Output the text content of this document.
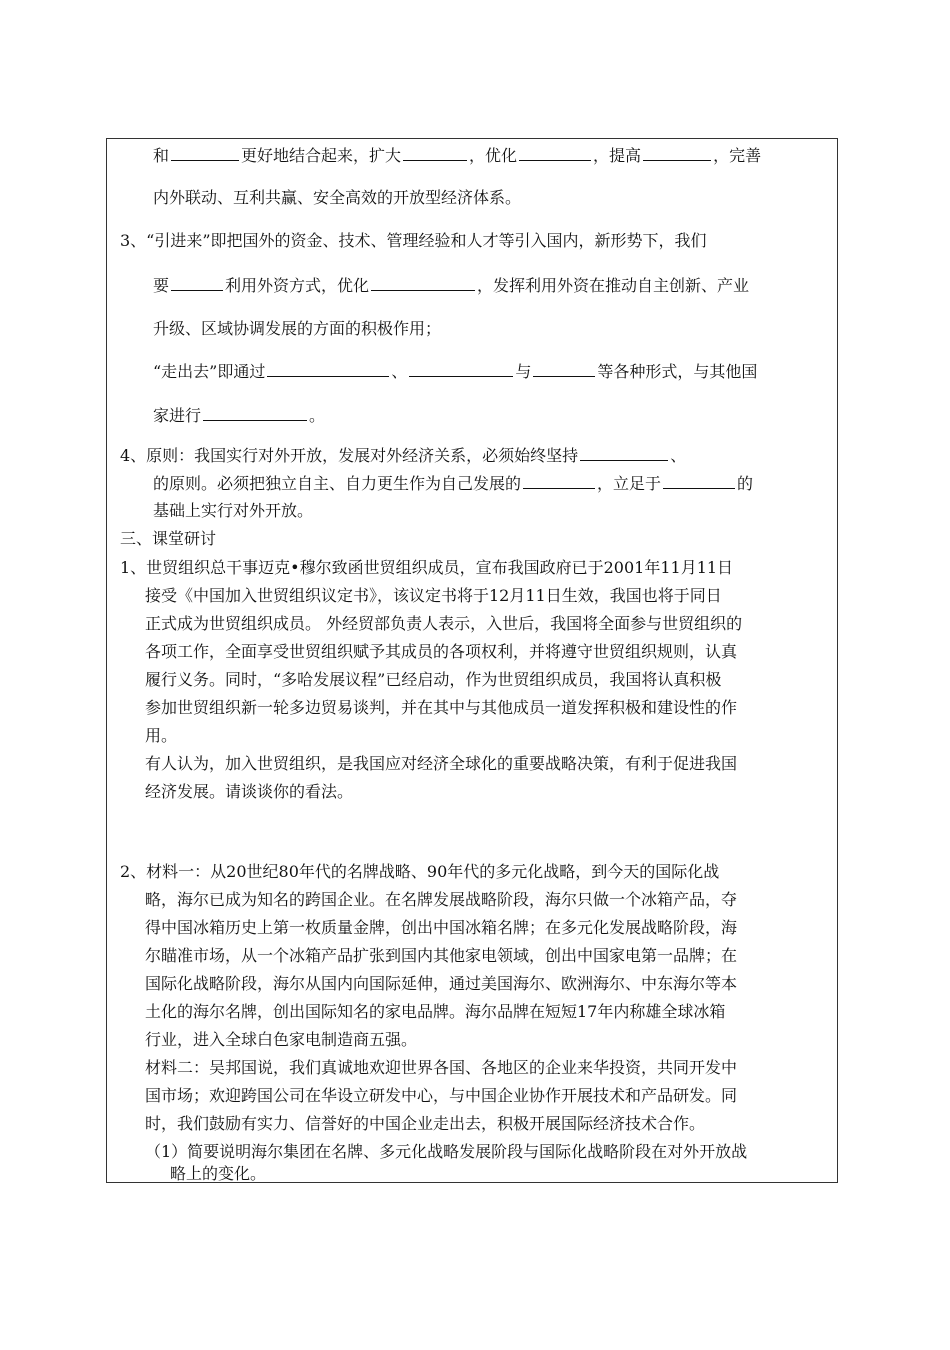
和	更好地结合起来，扩大	，优化	，提高	，完善
内外联动、互利共赢、安全高效的开放型经济体系。
3、“引进来”即把国外的资金、技术、管理经验和人才等引入国内，新形势下，我们
要	利用外资方式，优化	，发挥利用外资在推动自主创新、产业
升级、区域协调发展的方面的积极作用；
“走出去”即通过	、	与	等各种形式，与其他国
家进行	。
4、原则：我国实行对外开放，发展对外经济关系，必须始终坚持	、
的原则。必须把独立自主、自力更生作为自己发展的	，立足于	的
基础上实行对外开放。
三、课堂研讨
1、世贸组织总干事迈克•穆尔致函世贸组织成员，宣布我国政府已于2001年11月11日
接受《中国加入世贸组织议定书》，该议定书将于12月11日生效，我国也将于同日
正式成为世贸组织成员。 外经贸部负责人表示，入世后，我国将全面参与世贸组织的
各项工作，全面享受世贸组织赋予其成员的各项权利，并将遵守世贸组织规则，认真
履行义务。同时，“多哈发展议程”已经启动，作为世贸组织成员，我国将认真积极
参加世贸组织新一轮多边贸易谈判，并在其中与其他成员一道发挥积极和建设性的作
用。
有人认为，加入世贸组织，是我国应对经济全球化的重要战略决策，有利于促进我国
经济发展。请谈谈你的看法。
2、材料一：从20世纪80年代的名牌战略、90年代的多元化战略，到今天的国际化战
略，海尔已成为知名的跨国企业。在名牌发展战略阶段，海尔只做一个冰箱产品，夺
得中国冰箱历史上第一枚质量金牌，创出中国冰箱名牌；在多元化发展战略阶段，海
尔瞄准市场，从一个冰箱产品扩张到国内其他家电领域，创出中国家电第一品牌；在
国际化战略阶段，海尔从国内向国际延伸，通过美国海尔、欧洲海尔、中东海尔等本
土化的海尔名牌，创出国际知名的家电品牌。海尔品牌在短短17年内称雄全球冰箱
行业，进入全球白色家电制造商五强。
材料二：吴邦国说，我们真诚地欢迎世界各国、各地区的企业来华投资，共同开发中
国市场；欢迎跨国公司在华设立研发中心，与中国企业协作开展技术和产品研发。同
时，我们鼓励有实力、信誉好的中国企业走出去，积极开展国际经济技术合作。
（1）简要说明海尔集团在名牌、多元化战略发展阶段与国际化战略阶段在对外开放战
略上的变化。
